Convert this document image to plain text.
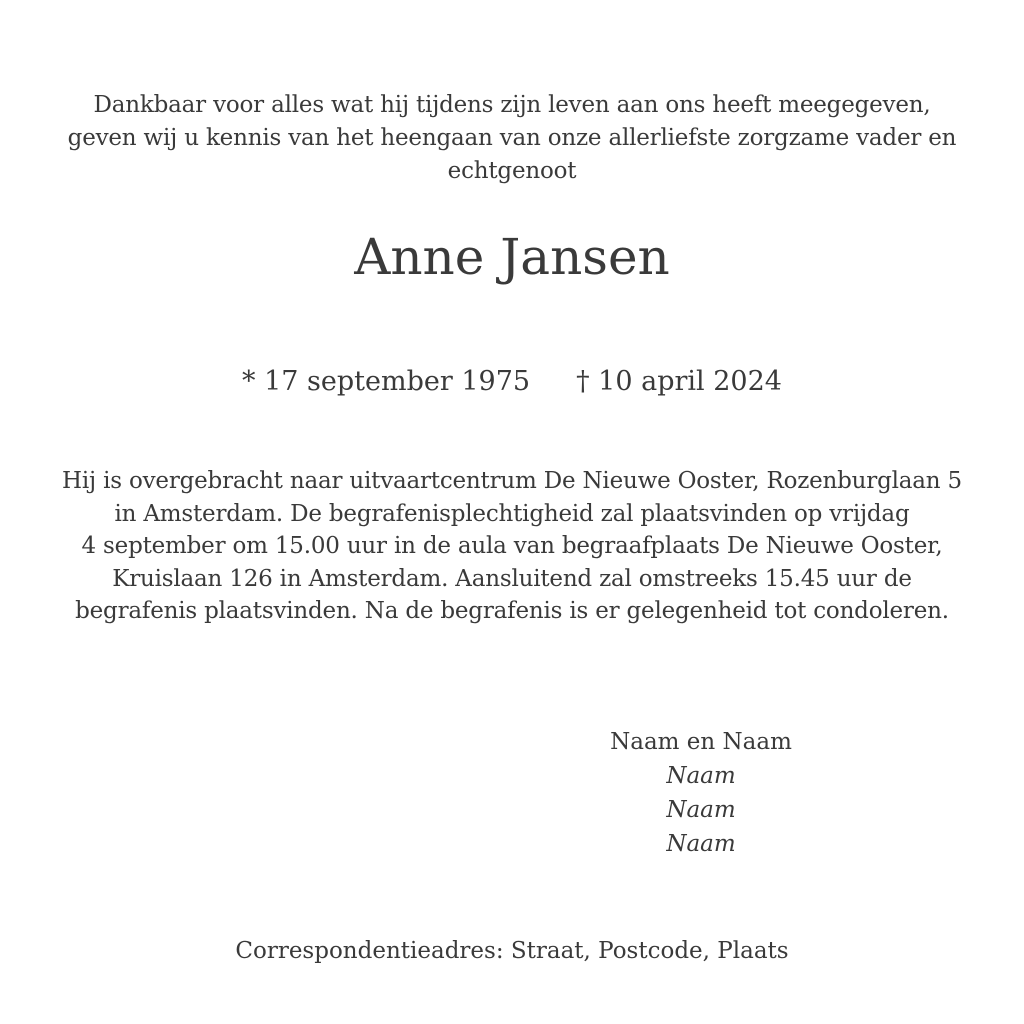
Dankbaar voor alles wat hij tijdens zijn leven aan ons heeft meegegeven,
geven wij u kennis van het heengaan van onze allerliefste zorgzame vader en
echtgenoot
Anne Jansen
* 17 september 1975 † 10 april 2024
Hij is overgebracht naar uitvaartcentrum De Nieuwe Ooster, Rozenburglaan 5
in Amsterdam. De begrafenisplechtigheid zal plaatsvinden op vrijdag
4 september om 15.00 uur in de aula van begraafplaats De Nieuwe Ooster,
Kruislaan 126 in Amsterdam. Aansluitend zal omstreeks 15.45 uur de
begrafenis plaatsvinden. Na de begrafenis is er gelegenheid tot condoleren.
Naam en Naam
Naam
Naam
Naam
Correspondentieadres: Straat, Postcode, Plaats
